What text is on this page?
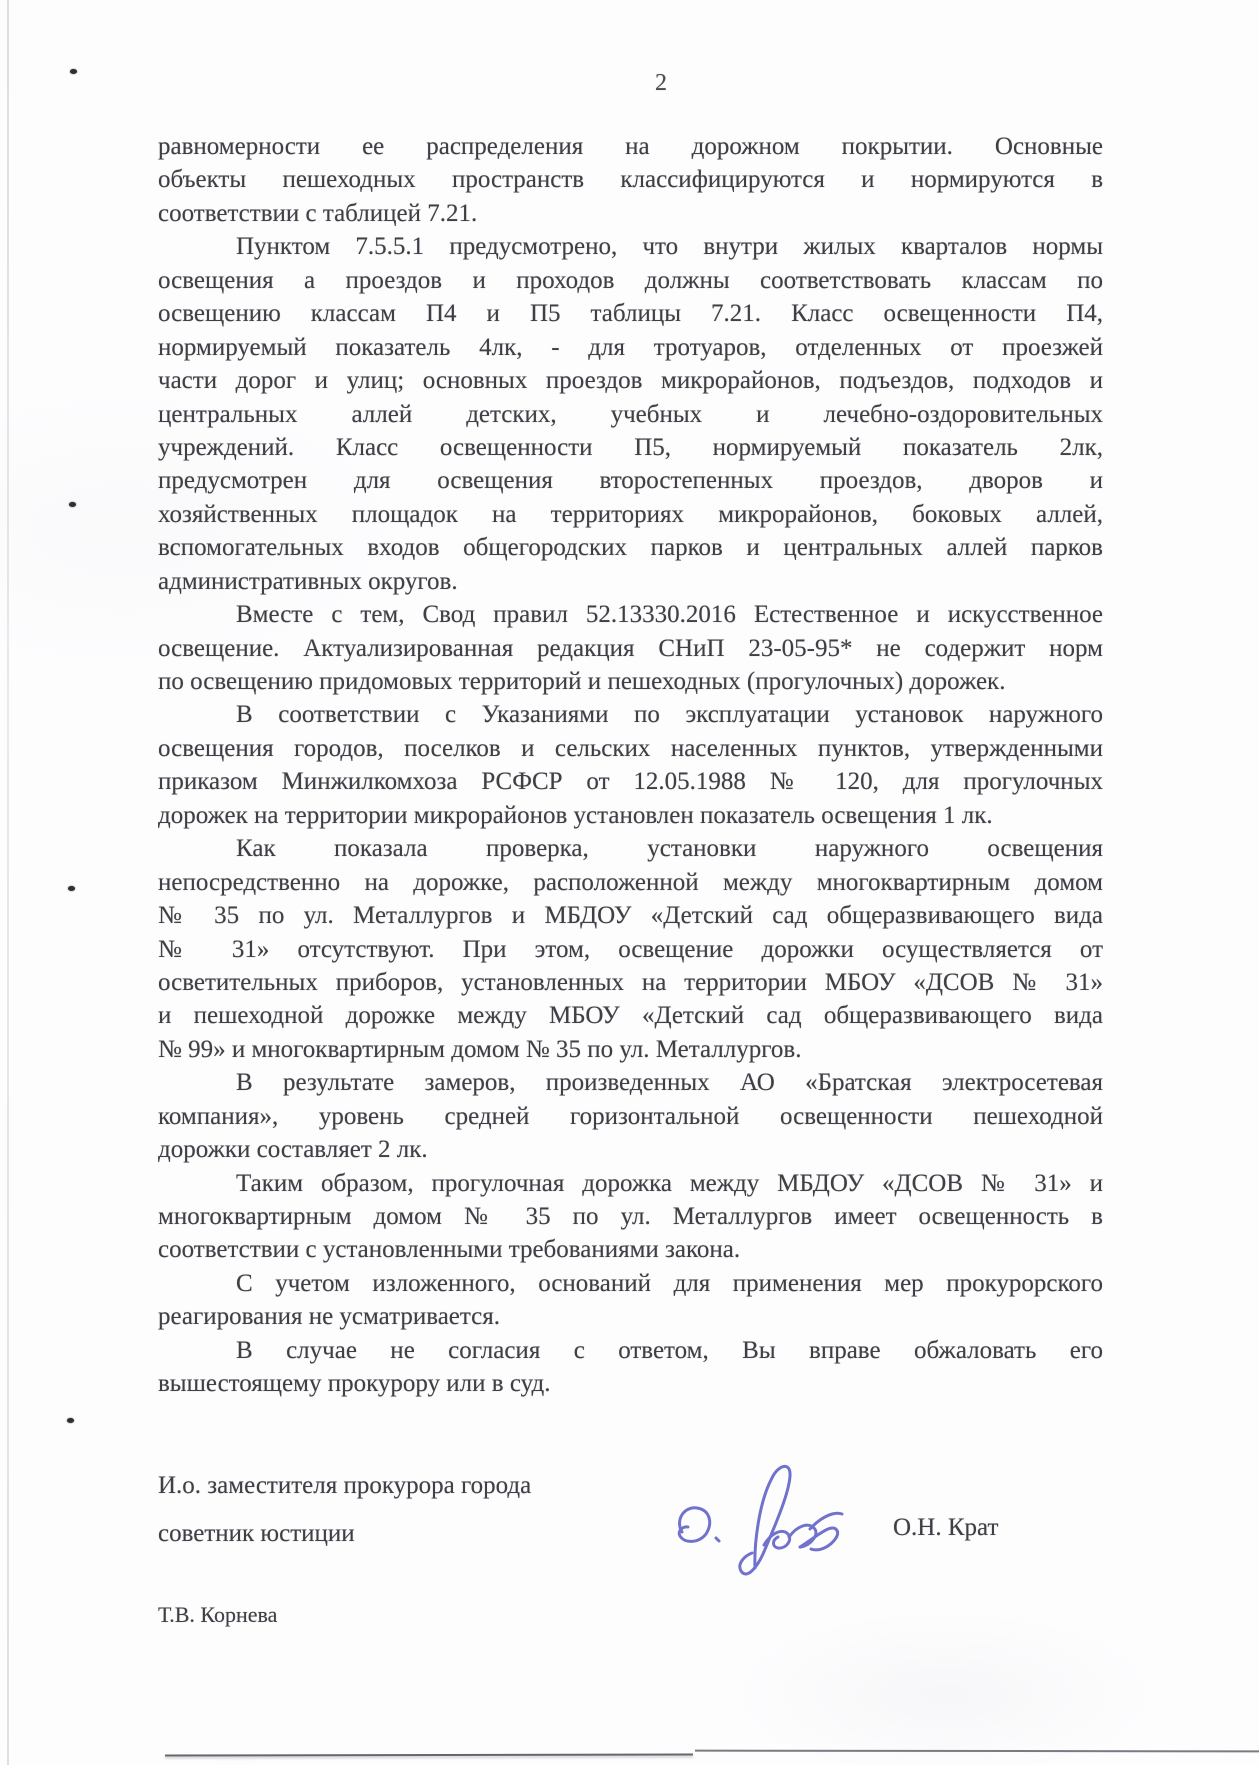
2
равномерности ее распределения на дорожном покрытии. Основные
объекты пешеходных пространств классифицируются и нормируются в
соответствии с таблицей 7.21.
Пунктом 7.5.5.1 предусмотрено, что внутри жилых кварталов нормы
освещения а проездов и проходов должны соответствовать классам по
освещению классам П4 и П5 таблицы 7.21. Класс освещенности П4,
нормируемый показатель 4лк, - для тротуаров, отделенных от проезжей
части дорог и улиц; основных проездов микрорайонов, подъездов, подходов и
центральных аллей детских, учебных и лечебно-оздоровительных
учреждений. Класс освещенности П5, нормируемый показатель 2лк,
предусмотрен для освещения второстепенных проездов, дворов и
хозяйственных площадок на территориях микрорайонов, боковых аллей,
вспомогательных входов общегородских парков и центральных аллей парков
административных округов.
Вместе с тем, Свод правил 52.13330.2016 Естественное и искусственное
освещение. Актуализированная редакция СНиП 23-05-95* не содержит норм
по освещению придомовых территорий и пешеходных (прогулочных) дорожек.
В соответствии с Указаниями по эксплуатации установок наружного
освещения городов, поселков и сельских населенных пунктов, утвержденными
приказом Минжилкомхоза РСФСР от 12.05.1988 № 120, для прогулочных
дорожек на территории микрорайонов установлен показатель освещения 1 лк.
Как показала проверка, установки наружного освещения
непосредственно на дорожке, расположенной между многоквартирным домом
№ 35 по ул. Металлургов и МБДОУ «Детский сад общеразвивающего вида
№ 31» отсутствуют. При этом, освещение дорожки осуществляется от
осветительных приборов, установленных на территории МБОУ «ДСОВ № 31»
и пешеходной дорожке между МБОУ «Детский сад общеразвивающего вида
№ 99» и многоквартирным домом № 35 по ул. Металлургов.
В результате замеров, произведенных АО «Братская электросетевая
компания», уровень средней горизонтальной освещенности пешеходной
дорожки составляет 2 лк.
Таким образом, прогулочная дорожка между МБДОУ «ДСОВ № 31» и
многоквартирным домом № 35 по ул. Металлургов имеет освещенность в
соответствии с установленными требованиями закона.
С учетом изложенного, оснований для применения мер прокурорского
реагирования не усматривается.
В случае не согласия с ответом, Вы вправе обжаловать его
вышестоящему прокурору или в суд.
И.о. заместителя прокурора города
советник юстиции	О.Н. Крат
Т.В. Корнева
